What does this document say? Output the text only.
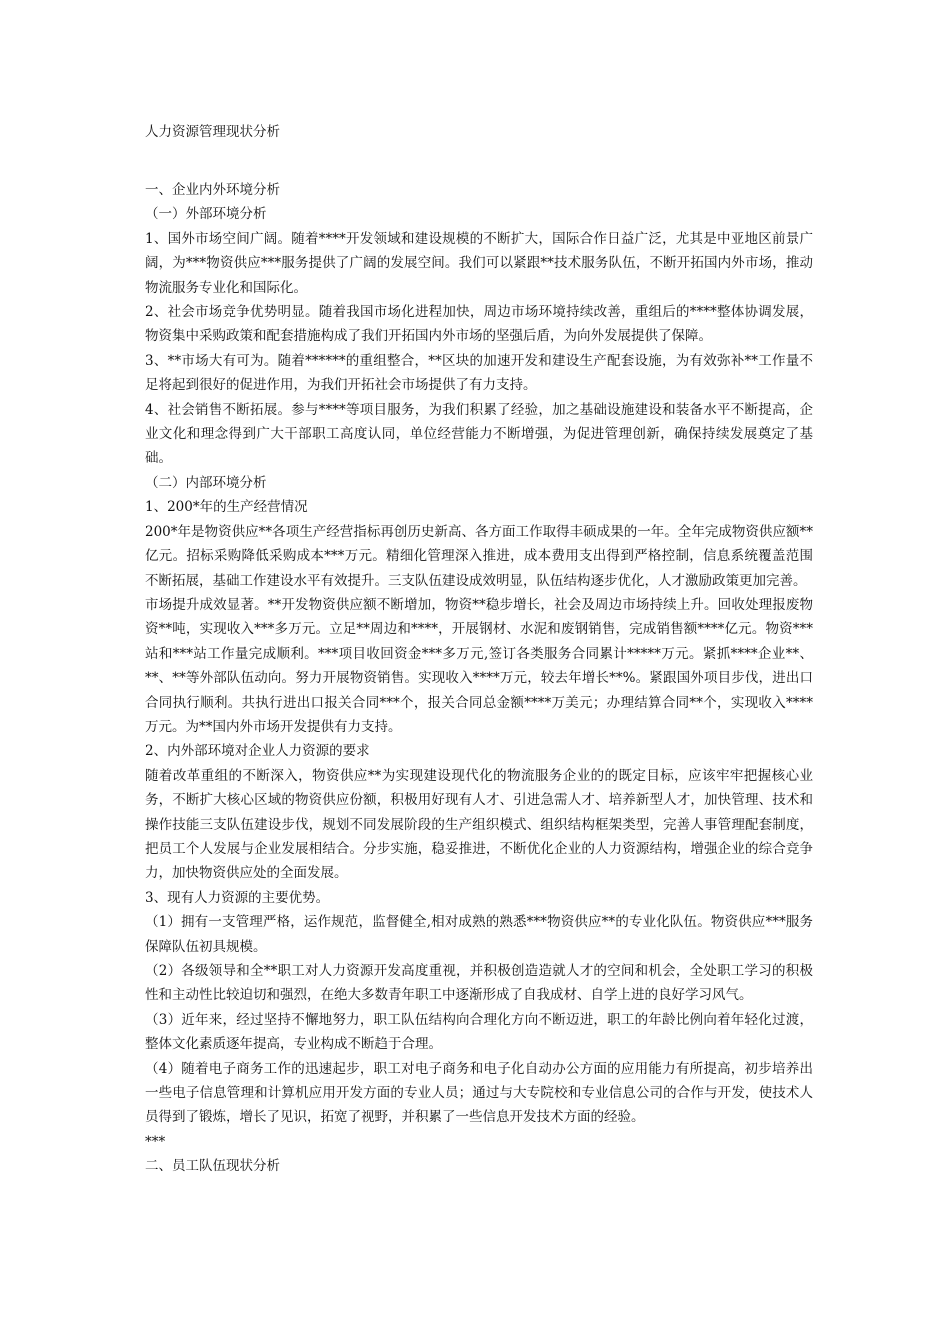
人力资源管理现状分析

一、企业内外环境分析

（一）外部环境分析

1、国外市场空间广阔。随着****开发领域和建设规模的不断扩大，国际合作日益广泛，尤其是中亚地区前景广阔，为***物资供应***服务提供了广阔的发展空间。我们可以紧跟**技术服务队伍，不断开拓国内外市场，推动物流服务专业化和国际化。

2、社会市场竞争优势明显。随着我国市场化进程加快，周边市场环境持续改善，重组后的****整体协调发展，物资集中采购政策和配套措施构成了我们开拓国内外市场的坚强后盾，为向外发展提供了保障。

3、**市场大有可为。随着******的重组整合，**区块的加速开发和建设生产配套设施，为有效弥补**工作量不足将起到很好的促进作用，为我们开拓社会市场提供了有力支持。

4、社会销售不断拓展。参与****等项目服务，为我们积累了经验，加之基础设施建设和装备水平不断提高，企业文化和理念得到广大干部职工高度认同，单位经营能力不断增强，为促进管理创新，确保持续发展奠定了基础。

（二）内部环境分析

1、200*年的生产经营情况

200*年是物资供应**各项生产经营指标再创历史新高、各方面工作取得丰硕成果的一年。全年完成物资供应额**亿元。招标采购降低采购成本***万元。精细化管理深入推进，成本费用支出得到严格控制，信息系统覆盖范围不断拓展，基础工作建设水平有效提升。三支队伍建设成效明显，队伍结构逐步优化，人才激励政策更加完善。

市场提升成效显著。**开发物资供应额不断增加，物资**稳步增长，社会及周边市场持续上升。回收处理报废物资**吨，实现收入***多万元。立足**周边和****，开展钢材、水泥和废钢销售，完成销售额****亿元。物资***站和***站工作量完成顺利。***项目收回资金***多万元,签订各类服务合同累计*****万元。紧抓****企业**、**、**等外部队伍动向。努力开展物资销售。实现收入****万元，较去年增长**%。紧跟国外项目步伐，进出口合同执行顺利。共执行进出口报关合同***个，报关合同总金额****万美元；办理结算合同**个，实现收入****万元。为**国内外市场开发提供有力支持。

2、内外部环境对企业人力资源的要求

随着改革重组的不断深入，物资供应**为实现建设现代化的物流服务企业的的既定目标，应该牢牢把握核心业务，不断扩大核心区域的物资供应份额，积极用好现有人才、引进急需人才、培养新型人才，加快管理、技术和操作技能三支队伍建设步伐，规划不同发展阶段的生产组织模式、组织结构框架类型，完善人事管理配套制度，把员工个人发展与企业发展相结合。分步实施，稳妥推进，不断优化企业的人力资源结构，增强企业的综合竞争力，加快物资供应处的全面发展。

3、现有人力资源的主要优势。

（1）拥有一支管理严格，运作规范，监督健全,相对成熟的熟悉***物资供应**的专业化队伍。物资供应***服务保障队伍初具规模。

（2）各级领导和全**职工对人力资源开发高度重视，并积极创造造就人才的空间和机会，全处职工学习的积极性和主动性比较迫切和强烈，在绝大多数青年职工中逐渐形成了自我成材、自学上进的良好学习风气。

（3）近年来，经过坚持不懈地努力，职工队伍结构向合理化方向不断迈进，职工的年龄比例向着年轻化过渡，整体文化素质逐年提高，专业构成不断趋于合理。

（4）随着电子商务工作的迅速起步，职工对电子商务和电子化自动办公方面的应用能力有所提高，初步培养出一些电子信息管理和计算机应用开发方面的专业人员；通过与大专院校和专业信息公司的合作与开发，使技术人员得到了锻炼，增长了见识，拓宽了视野，并积累了一些信息开发技术方面的经验。

***

二、员工队伍现状分析
